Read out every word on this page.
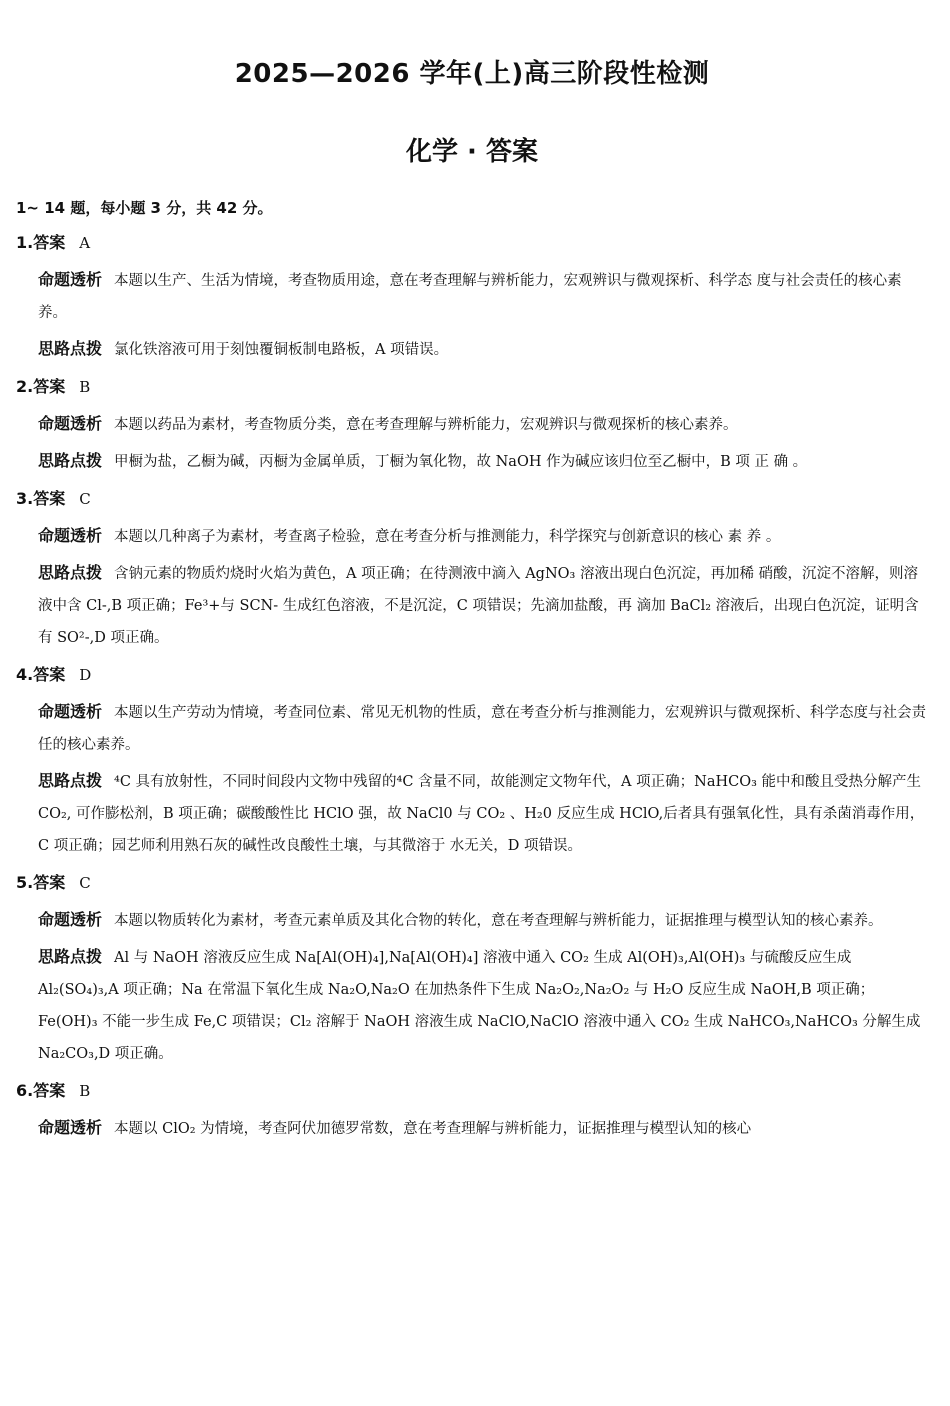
2025—2026 学年(上)高三阶段性检测
化学 · 答案
1~ 14 题，每小题 3 分，共 42 分。
1.答案 A
命题透析 本题以生产、生活为情境，考查物质用途，意在考查理解与辨析能力，宏观辨识与微观探析、科学态 度与社会责任的核心素养。
思路点拨 氯化铁溶液可用于刻蚀覆铜板制电路板，A 项错误。
2.答案 B
命题透析 本题以药品为素材，考查物质分类，意在考查理解与辨析能力，宏观辨识与微观探析的核心素养。
思路点拨 甲橱为盐，乙橱为碱，丙橱为金属单质，丁橱为氧化物，故 NaOH 作为碱应该归位至乙橱中，B 项 正 确 。
3.答案 C
命题透析 本题以几种离子为素材，考查离子检验，意在考查分析与推测能力，科学探究与创新意识的核心 素 养 。
思路点拨 含钠元素的物质灼烧时火焰为黄色，A 项正确；在待测液中滴入 AgNO₃ 溶液出现白色沉淀，再加稀 硝酸，沉淀不溶解，则溶液中含 Cl-,B 项正确；Fe³+与 SCN- 生成红色溶液，不是沉淀，C 项错误；先滴加盐酸，再 滴加 BaCl₂ 溶液后，出现白色沉淀，证明含有 SO²-,D 项正确。
4.答案 D
命题透析 本题以生产劳动为情境，考查同位素、常见无机物的性质，意在考查分析与推测能力，宏观辨识与微观探析、科学态度与社会责任的核心素养。
思路点拨 ⁴C 具有放射性，不同时间段内文物中残留的⁴C 含量不同，故能测定文物年代，A 项正确；NaHCO₃ 能中和酸且受热分解产生 CO₂, 可作膨松剂，B 项正确；碳酸酸性比 HClO 强，故 NaCl0 与 CO₂ 、H₂0 反应生成 HClO,后者具有强氧化性，具有杀菌消毒作用，C 项正确；园艺师利用熟石灰的碱性改良酸性土壤，与其微溶于 水无关，D 项错误。
5.答案 C
命题透析 本题以物质转化为素材，考查元素单质及其化合物的转化，意在考查理解与辨析能力，证据推理与模型认知的核心素养。
思路点拨 Al 与 NaOH 溶液反应生成 Na[Al(OH)₄],Na[Al(OH)₄] 溶液中通入 CO₂ 生成 Al(OH)₃,Al(OH)₃ 与硫酸反应生成 Al₂(SO₄)₃,A 项正确；Na 在常温下氧化生成 Na₂O,Na₂O 在加热条件下生成 Na₂O₂,Na₂O₂ 与 H₂O 反应生成 NaOH,B 项正确；Fe(OH)₃ 不能一步生成 Fe,C 项错误；Cl₂ 溶解于 NaOH 溶液生成 NaClO,NaClO 溶液中通入 CO₂ 生成 NaHCO₃,NaHCO₃ 分解生成 Na₂CO₃,D 项正确。
6.答案 B
命题透析 本题以 ClO₂ 为情境，考查阿伏加德罗常数，意在考查理解与辨析能力，证据推理与模型认知的核心
